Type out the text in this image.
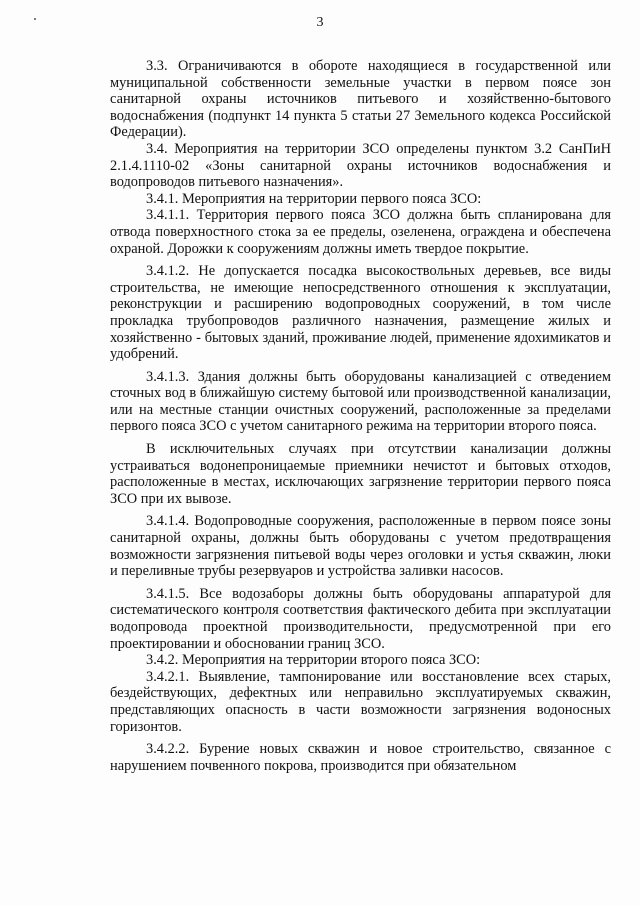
3

3.3. Ограничиваются в обороте находящиеся в государственной или муниципальной собственности земельные участки в первом поясе зон санитарной охраны источников питьевого и хозяйственно-бытового водоснабжения (подпункт 14 пункта 5 статьи 27 Земельного кодекса Российской Федерации).

3.4. Мероприятия на территории ЗСО определены пунктом 3.2 СанПиН 2.1.4.1110-02 «Зоны санитарной охраны источников водоснабжения и водопроводов питьевого назначения».

3.4.1. Мероприятия на территории первого пояса ЗСО:

3.4.1.1. Территория первого пояса ЗСО должна быть спланирована для отвода поверхностного стока за ее пределы, озеленена, ограждена и обеспечена охраной. Дорожки к сооружениям должны иметь твердое покрытие.

3.4.1.2. Не допускается посадка высокоствольных деревьев, все виды строительства, не имеющие непосредственного отношения к эксплуатации, реконструкции и расширению водопроводных сооружений, в том числе прокладка трубопроводов различного назначения, размещение жилых и хозяйственно - бытовых зданий, проживание людей, применение ядохимикатов и удобрений.

3.4.1.3. Здания должны быть оборудованы канализацией с отведением сточных вод в ближайшую систему бытовой или производственной канализации, или на местные станции очистных сооружений, расположенные за пределами первого пояса ЗСО с учетом санитарного режима на территории второго пояса.

В исключительных случаях при отсутствии канализации должны устраиваться водонепроницаемые приемники нечистот и бытовых отходов, расположенные в местах, исключающих загрязнение территории первого пояса ЗСО при их вывозе.

3.4.1.4. Водопроводные сооружения, расположенные в первом поясе зоны санитарной охраны, должны быть оборудованы с учетом предотвращения возможности загрязнения питьевой воды через оголовки и устья скважин, люки и переливные трубы резервуаров и устройства заливки насосов.

3.4.1.5. Все водозаборы должны быть оборудованы аппаратурой для систематического контроля соответствия фактического дебита при эксплуатации водопровода проектной производительности, предусмотренной при его проектировании и обосновании границ ЗСО.

3.4.2. Мероприятия на территории второго пояса ЗСО:

3.4.2.1. Выявление, тампонирование или восстановление всех старых, бездействующих, дефектных или неправильно эксплуатируемых скважин, представляющих опасность в части возможности загрязнения водоносных горизонтов.

3.4.2.2. Бурение новых скважин и новое строительство, связанное с нарушением почвенного покрова, производится при обязательном
